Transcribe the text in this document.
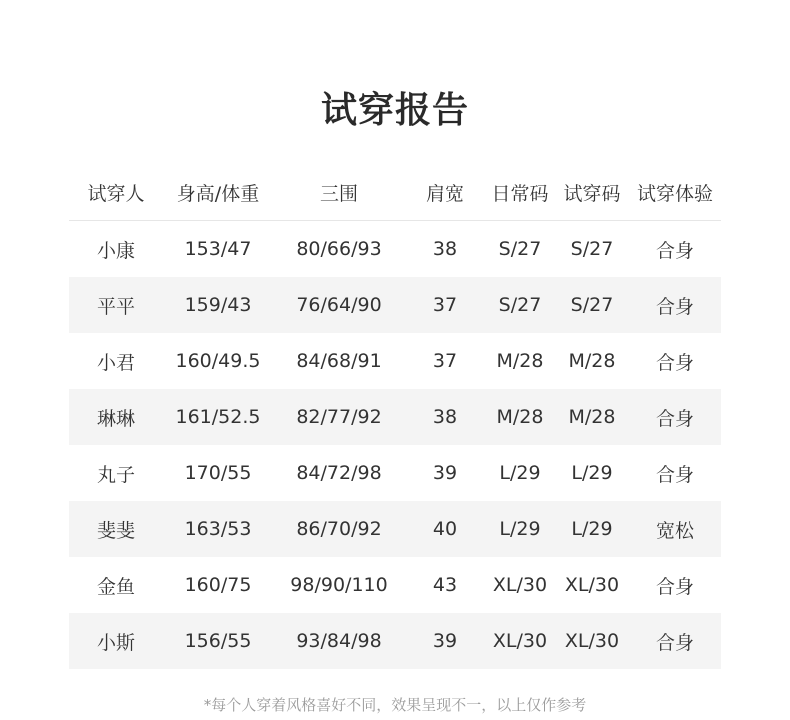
试穿报告
试穿人	身高/体重	三围	肩宽	日常码 试穿码 试穿体验
小康	153/47	80/66/93	38	S/27	S/27	合身
平平	159/43	76/64/90	37	S/27	S/27	合身
小君	160/49.5	84/68/91	37	M/28	M/28	合身
琳琳	161/52.5	82/77/92	38	M/28	M/28	合身
丸子	170/55	84/72/98	39	L/29	L/29	合身
斐斐	163/53	86/70/92	40	L/29	L/29	宽松
金鱼	160/75	98/90/110	43	XL/30 XL/30	合身
小斯	156/55	93/84/98	39	XL/30 XL/30	合身
*每个人穿着风格喜好不同，效果呈现不一，以上仅作参考
